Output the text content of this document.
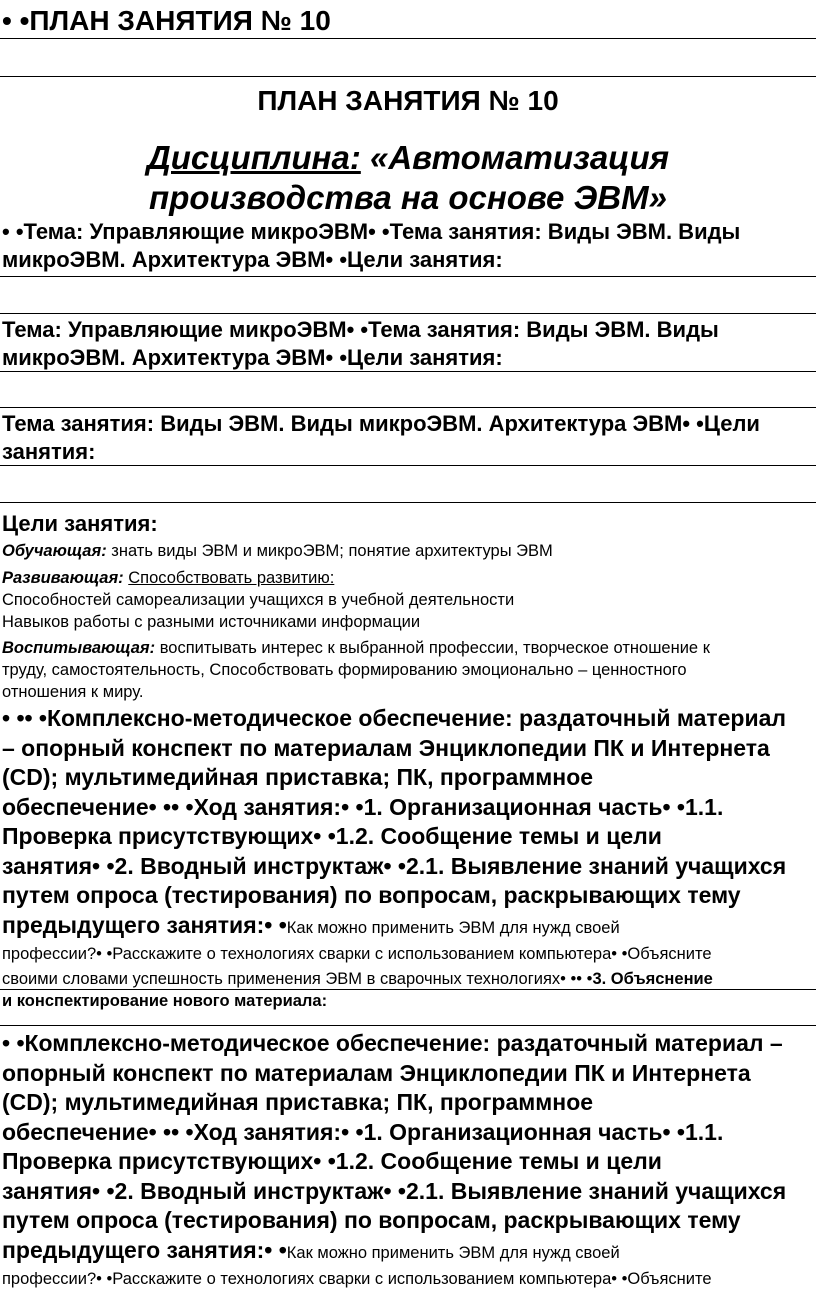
• •ПЛАН ЗАНЯТИЯ № 10
ПЛАН ЗАНЯТИЯ № 10
Дисциплина: «Автоматизация
производства на основе ЭВМ»
• •Тема: Управляющие микроЭВМ• •Тема занятия: Виды ЭВМ. Виды
микроЭВМ. Архитектура ЭВМ• •Цели занятия:
Тема: Управляющие микроЭВМ• •Тема занятия: Виды ЭВМ. Виды
микроЭВМ. Архитектура ЭВМ• •Цели занятия:
Тема занятия: Виды ЭВМ. Виды микроЭВМ. Архитектура ЭВМ• •Цели
занятия:
Цели занятия:
Обучающая: знать виды ЭВМ и микроЭВМ; понятие архитектуры ЭВМ
Развивающая: Способствовать развитию:
Способностей самореализации учащихся в учебной деятельности
Навыков работы с разными источниками информации
Воспитывающая: воспитывать интерес к выбранной профессии, творческое отношение к
труду, самостоятельность, Способствовать формированию эмоционально – ценностного
отношения к миру.
• •• •Комплексно-методическое обеспечение: раздаточный материал
– опорный конспект по материалам Энциклопедии ПК и Интернета
(CD); мультимедийная приставка; ПК, программное
обеспечение• •• •Ход занятия:• •1. Организационная часть• •1.1.
Проверка присутствующих• •1.2. Сообщение темы и цели
занятия• •2. Вводный инструктаж• •2.1. Выявление знаний учащихся
путем опроса (тестирования) по вопросам, раскрывающих тему
предыдущего занятия:• •Как можно применить ЭВМ для нужд своей
профессии?• •Расскажите о технологиях сварки с использованием компьютера• •Объясните
своими словами успешность применения ЭВМ в сварочных технологиях• •• •3. Объяснение
и конспектирование нового материала:
• •Комплексно-методическое обеспечение: раздаточный материал –
опорный конспект по материалам Энциклопедии ПК и Интернета
(CD); мультимедийная приставка; ПК, программное
обеспечение• •• •Ход занятия:• •1. Организационная часть• •1.1.
Проверка присутствующих• •1.2. Сообщение темы и цели
занятия• •2. Вводный инструктаж• •2.1. Выявление знаний учащихся
путем опроса (тестирования) по вопросам, раскрывающих тему
предыдущего занятия:• •Как можно применить ЭВМ для нужд своей
профессии?• •Расскажите о технологиях сварки с использованием компьютера• •Объясните
